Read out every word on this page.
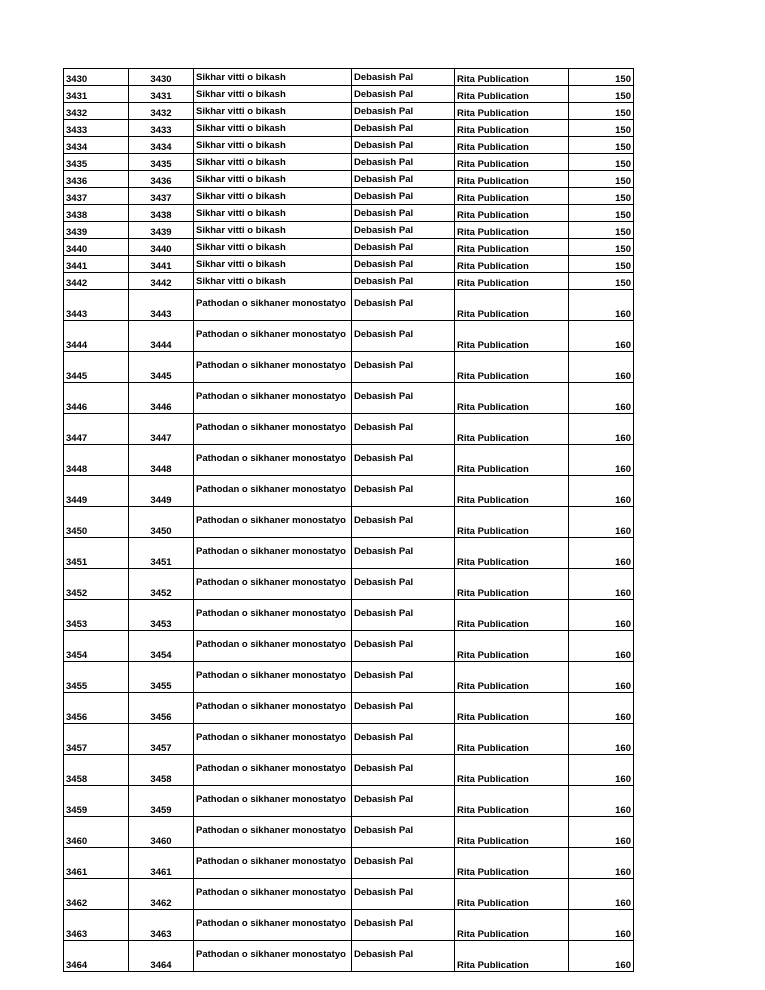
3430	3430	Sikhar vitti o bikash	Debasish Pal	Rita Publication	150
3431	3431	Sikhar vitti o bikash	Debasish Pal	Rita Publication	150
3432	3432	Sikhar vitti o bikash	Debasish Pal	Rita Publication	150
3433	3433	Sikhar vitti o bikash	Debasish Pal	Rita Publication	150
3434	3434	Sikhar vitti o bikash	Debasish Pal	Rita Publication	150
3435	3435	Sikhar vitti o bikash	Debasish Pal	Rita Publication	150
3436	3436	Sikhar vitti o bikash	Debasish Pal	Rita Publication	150
3437	3437	Sikhar vitti o bikash	Debasish Pal	Rita Publication	150
3438	3438	Sikhar vitti o bikash	Debasish Pal	Rita Publication	150
3439	3439	Sikhar vitti o bikash	Debasish Pal	Rita Publication	150
3440	3440	Sikhar vitti o bikash	Debasish Pal	Rita Publication	150
3441	3441	Sikhar vitti o bikash	Debasish Pal	Rita Publication	150
3442	3442	Sikhar vitti o bikash	Debasish Pal	Rita Publication	150
3443	3443	Pathodan o sikhaner monostatyo	Debasish Pal	Rita Publication	160
3444	3444	Pathodan o sikhaner monostatyo	Debasish Pal	Rita Publication	160
3445	3445	Pathodan o sikhaner monostatyo	Debasish Pal	Rita Publication	160
3446	3446	Pathodan o sikhaner monostatyo	Debasish Pal	Rita Publication	160
3447	3447	Pathodan o sikhaner monostatyo	Debasish Pal	Rita Publication	160
3448	3448	Pathodan o sikhaner monostatyo	Debasish Pal	Rita Publication	160
3449	3449	Pathodan o sikhaner monostatyo	Debasish Pal	Rita Publication	160
3450	3450	Pathodan o sikhaner monostatyo	Debasish Pal	Rita Publication	160
3451	3451	Pathodan o sikhaner monostatyo	Debasish Pal	Rita Publication	160
3452	3452	Pathodan o sikhaner monostatyo	Debasish Pal	Rita Publication	160
3453	3453	Pathodan o sikhaner monostatyo	Debasish Pal	Rita Publication	160
3454	3454	Pathodan o sikhaner monostatyo	Debasish Pal	Rita Publication	160
3455	3455	Pathodan o sikhaner monostatyo	Debasish Pal	Rita Publication	160
3456	3456	Pathodan o sikhaner monostatyo	Debasish Pal	Rita Publication	160
3457	3457	Pathodan o sikhaner monostatyo	Debasish Pal	Rita Publication	160
3458	3458	Pathodan o sikhaner monostatyo	Debasish Pal	Rita Publication	160
3459	3459	Pathodan o sikhaner monostatyo	Debasish Pal	Rita Publication	160
3460	3460	Pathodan o sikhaner monostatyo	Debasish Pal	Rita Publication	160
3461	3461	Pathodan o sikhaner monostatyo	Debasish Pal	Rita Publication	160
3462	3462	Pathodan o sikhaner monostatyo	Debasish Pal	Rita Publication	160
3463	3463	Pathodan o sikhaner monostatyo	Debasish Pal	Rita Publication	160
3464	3464	Pathodan o sikhaner monostatyo	Debasish Pal	Rita Publication	160
